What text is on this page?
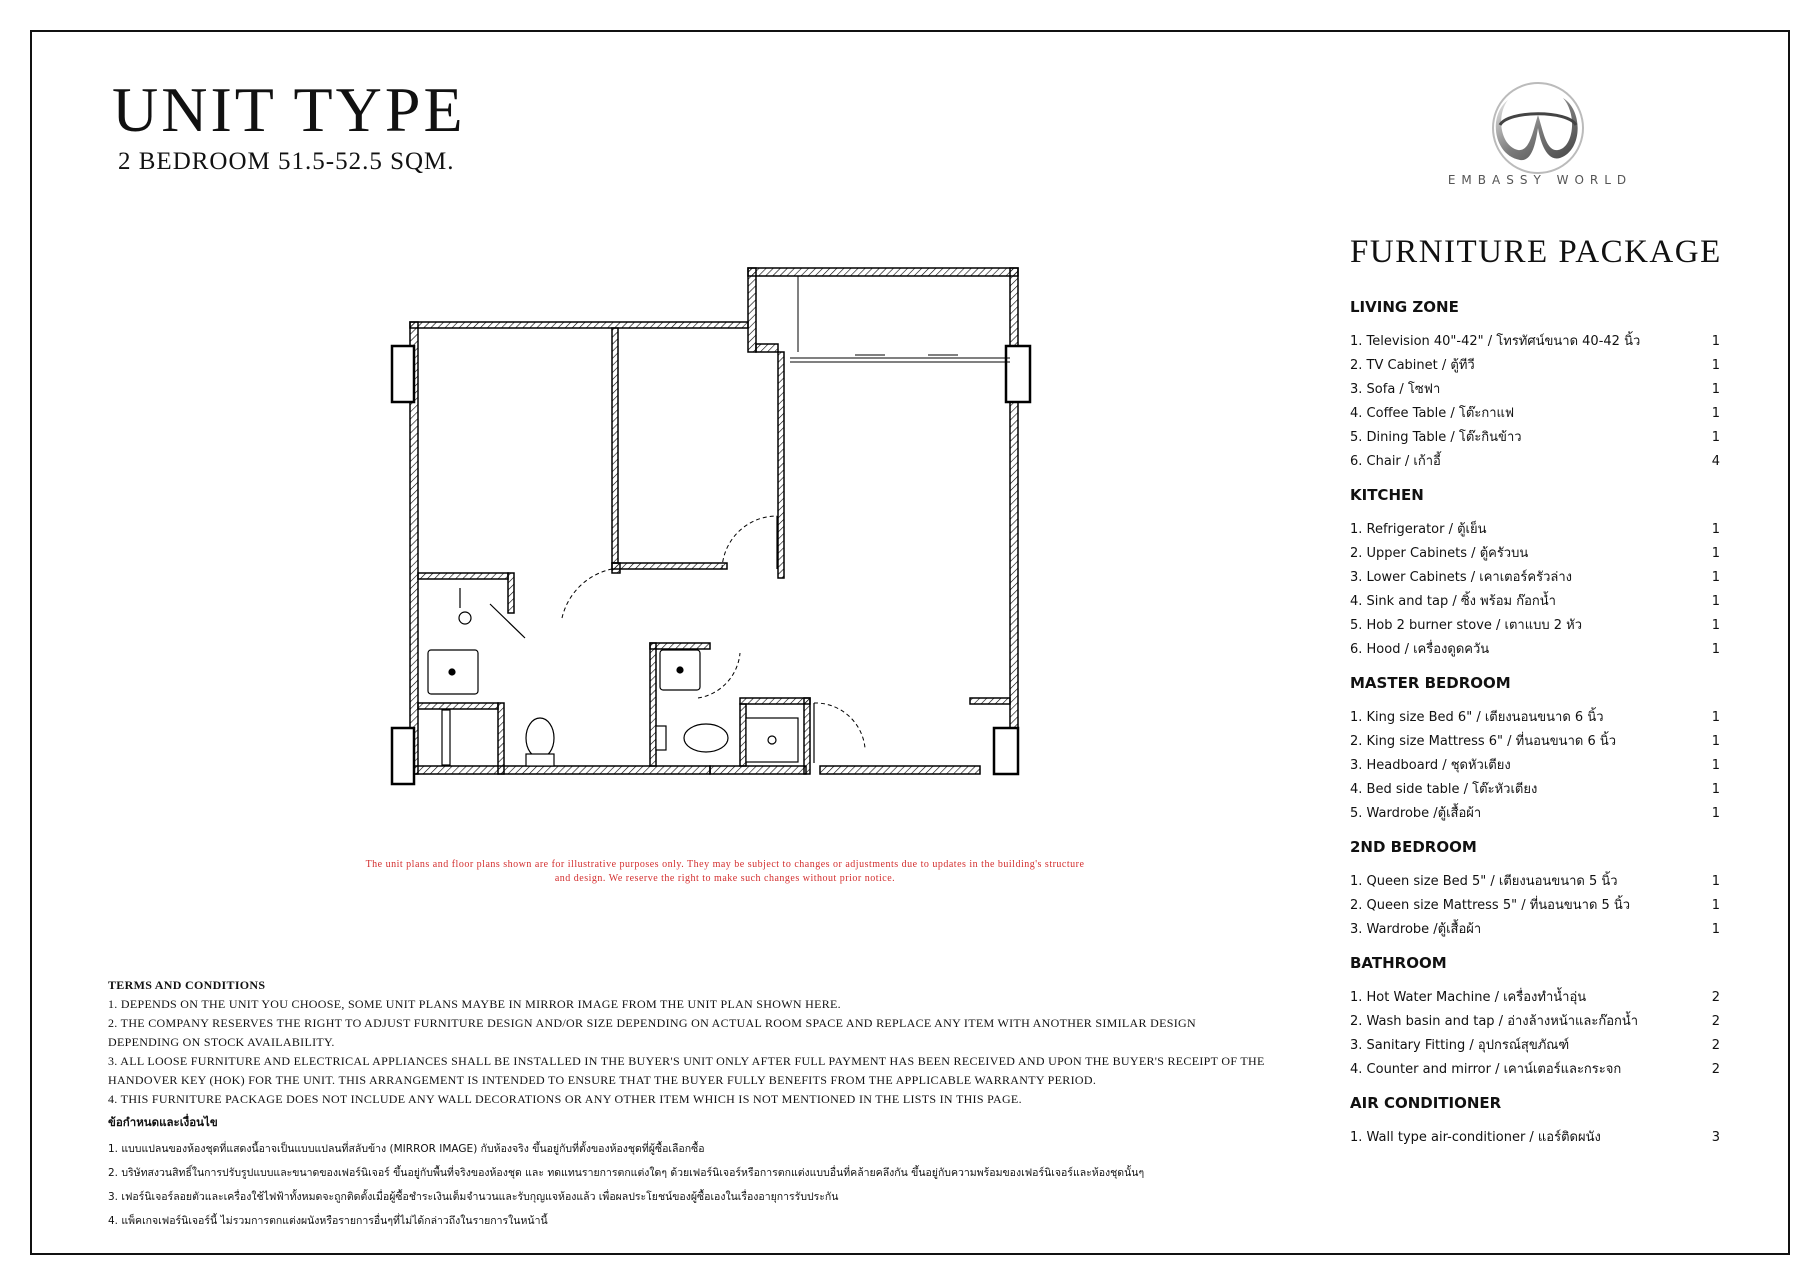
UNIT TYPE
2 BEDROOM 51.5-52.5 SQM.
EMBASSY WORLD
FURNITURE PACKAGE
LIVING ZONE
1. Television 40"-42" / โทรทัศน์ขนาด 40-42 นิ้ว	1
2. TV Cabinet / ตู้ทีวี	1
3. Sofa / โซฟา	1
4. Coffee Table / โต๊ะกาแฟ	1
5. Dining Table / โต๊ะกินข้าว	1
6. Chair / เก้าอี้	4
KITCHEN
1. Refrigerator / ตู้เย็น	1
2. Upper Cabinets / ตู้ครัวบน	1
3. Lower Cabinets / เคาเตอร์ครัวล่าง	1
4. Sink and tap / ซิ้ง พร้อม ก๊อกน้ำ	1
5. Hob 2 burner stove / เตาแบบ 2 หัว	1
6. Hood / เครื่องดูดควัน	1
MASTER BEDROOM
1. King size Bed 6" / เตียงนอนขนาด 6 นิ้ว	1
2. King size Mattress 6" / ที่นอนขนาด 6 นิ้ว	1
3. Headboard / ชุดหัวเตียง	1
4. Bed side table / โต๊ะหัวเตียง	1
5. Wardrobe /ตู้เสื้อผ้า	1
2ND BEDROOM
1. Queen size Bed 5" / เตียงนอนขนาด 5 นิ้ว	1
2. Queen size Mattress 5" / ที่นอนขนาด 5 นิ้ว	1
3. Wardrobe /ตู้เสื้อผ้า	1
BATHROOM
1. Hot Water Machine / เครื่องทำน้ำอุ่น	2
2. Wash basin and tap / อ่างล้างหน้าและก๊อกน้ำ	2
3. Sanitary Fitting / อุปกรณ์สุขภัณฑ์	2
4. Counter and mirror / เคาน์เตอร์และกระจก	2
AIR CONDITIONER
1. Wall type air-conditioner / แอร์ติดผนัง	3
The unit plans and floor plans shown are for illustrative purposes only. They may be subject to changes or adjustments due to updates in the building's structure
and design. We reserve the right to make such changes without prior notice.
TERMS AND CONDITIONS
1. DEPENDS ON THE UNIT YOU CHOOSE, SOME UNIT PLANS MAYBE IN MIRROR IMAGE FROM THE UNIT PLAN SHOWN HERE.
2. THE COMPANY RESERVES THE RIGHT TO ADJUST FURNITURE DESIGN AND/OR SIZE DEPENDING ON ACTUAL ROOM SPACE AND REPLACE ANY ITEM WITH ANOTHER SIMILAR DESIGN
DEPENDING ON STOCK AVAILABILITY.
3. ALL LOOSE FURNITURE AND ELECTRICAL APPLIANCES SHALL BE INSTALLED IN THE BUYER'S UNIT ONLY AFTER FULL PAYMENT HAS BEEN RECEIVED AND UPON THE BUYER'S RECEIPT OF THE
HANDOVER KEY (HOK) FOR THE UNIT. THIS ARRANGEMENT IS INTENDED TO ENSURE THAT THE BUYER FULLY BENEFITS FROM THE APPLICABLE WARRANTY PERIOD.
4. THIS FURNITURE PACKAGE DOES NOT INCLUDE ANY WALL DECORATIONS OR ANY OTHER ITEM WHICH IS NOT MENTIONED IN THE LISTS IN THIS PAGE.
ข้อกำหนดและเงื่อนไข
1. แบบแปลนของห้องชุดที่แสดงนี้อาจเป็นแบบแปลนที่สลับข้าง (MIRROR IMAGE) กับห้องจริง ขึ้นอยู่กับที่ตั้งของห้องชุดที่ผู้ซื้อเลือกซื้อ
2. บริษัทสงวนสิทธิ์ในการปรับรูปแบบและขนาดของเฟอร์นิเจอร์ ขึ้นอยู่กับพื้นที่จริงของห้องชุด และ ทดแทนรายการตกแต่งใดๆ ด้วยเฟอร์นิเจอร์หรือการตกแต่งแบบอื่นที่คล้ายคลึงกัน ขึ้นอยู่กับความพร้อมของเฟอร์นิเจอร์และห้องชุดนั้นๆ
3. เฟอร์นิเจอร์ลอยตัวและเครื่องใช้ไฟฟ้าทั้งหมดจะถูกติดตั้งเมื่อผู้ซื้อชำระเงินเต็มจำนวนและรับกุญแจห้องแล้ว เพื่อผลประโยชน์ของผู้ซื้อเองในเรื่องอายุการรับประกัน
4. แพ็คเกจเฟอร์นิเจอร์นี้ ไม่รวมการตกแต่งผนังหรือรายการอื่นๆที่ไม่ได้กล่าวถึงในรายการในหน้านี้
